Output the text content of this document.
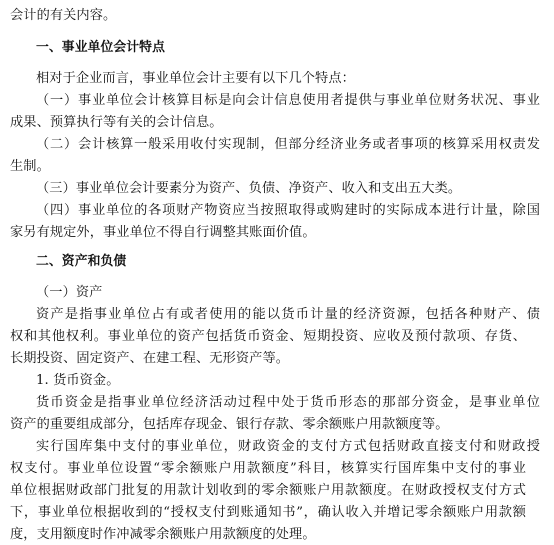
会计的有关内容。
一、事业单位会计特点
相对于企业而言，事业单位会计主要有以下几个特点：
（一）事业单位会计核算目标是向会计信息使用者提供与事业单位财务状况、事业
成果、预算执行等有关的会计信息。
（二）会计核算一般采用收付实现制，但部分经济业务或者事项的核算采用权责发
生制。
（三）事业单位会计要素分为资产、负债、净资产、收入和支出五大类。
（四）事业单位的各项财产物资应当按照取得或购建时的实际成本进行计量，除国
家另有规定外，事业单位不得自行调整其账面价值。
二、资产和负债
（一）资产
资产是指事业单位占有或者使用的能以货币计量的经济资源，包括各种财产、债
权和其他权利。事业单位的资产包括货币资金、短期投资、应收及预付款项、存货、
长期投资、固定资产、在建工程、无形资产等。
1. 货币资金。
货币资金是指事业单位经济活动过程中处于货币形态的那部分资金，是事业单位
资产的重要组成部分，包括库存现金、银行存款、零余额账户用款额度等。
实行国库集中支付的事业单位，财政资金的支付方式包括财政直接支付和财政授
权支付。事业单位设置“零余额账户用款额度”科目，核算实行国库集中支付的事业
单位根据财政部门批复的用款计划收到的零余额账户用款额度。在财政授权支付方式
下，事业单位根据收到的“授权支付到账通知书”，确认收入并增记零余额账户用款额
度，支用额度时作冲减零余额账户用款额度的处理。
